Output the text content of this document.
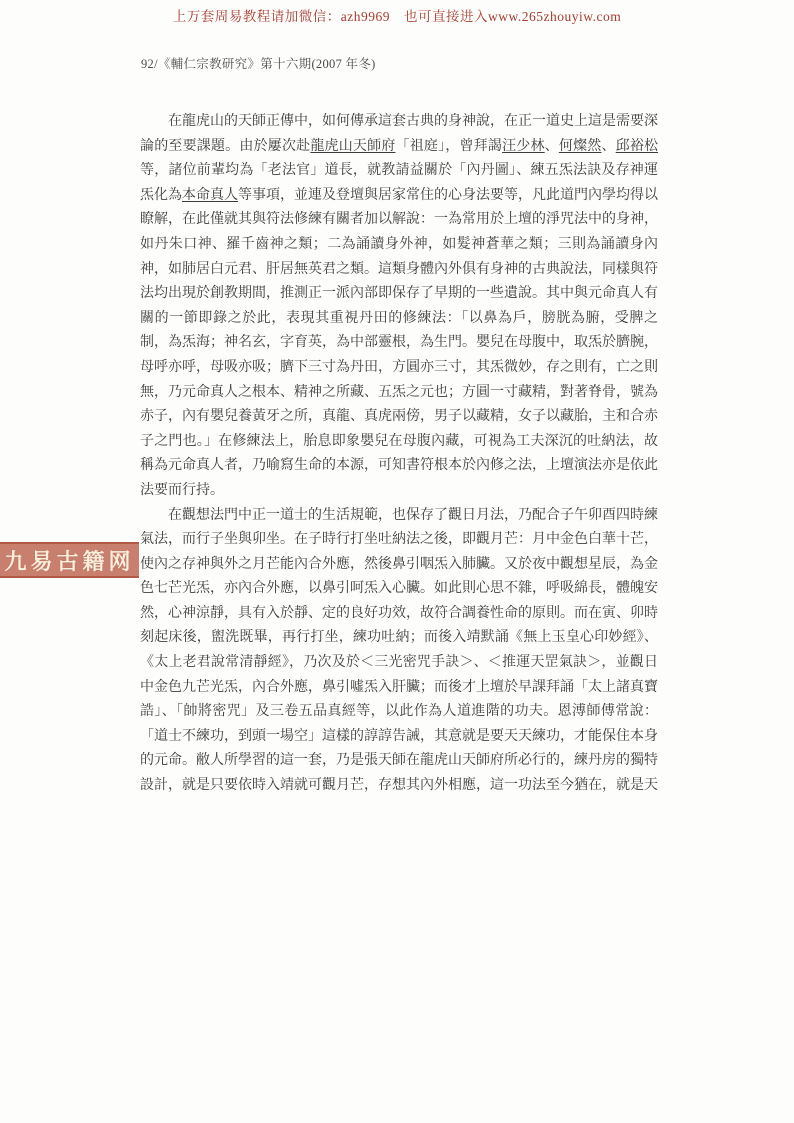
上万套周易教程请加微信：azh9969　也可直接进入www.265zhouyiw.com
92/《輔仁宗教研究》第十六期(2007 年冬)

在龍虎山的天師正傳中，如何傳承這套古典的身神說，在正一道史上這是需要深論的至要課題。由於屢次赴龍虎山天師府「祖庭」，曾拜謁汪少林、何燦然、邱裕松等，諸位前輩均為「老法官」道長，就教請益關於「內丹圖」、練五炁法訣及存神運炁化為本命真人等事項，並連及登壇與居家常住的心身法要等，凡此道門內學均得以瞭解，在此僅就其與符法修練有關者加以解說：一為常用於上壇的淨咒法中的身神，如丹朱口神、羅千齒神之類；二為誦讀身外神，如髮神蒼華之類；三則為誦讀身內神，如肺居白元君、肝居無英君之類。這類身體內外俱有身神的古典說法，同樣與符法均出現於創教期間，推測正一派內部即保存了早期的一些遺說。其中與元命真人有關的一節即錄之於此，表現其重視丹田的修練法：「以鼻為戶，膀胱為腑，受脾之制，為炁海；神名玄，字育英，為中部靈根，為生門。嬰兒在母腹中，取炁於臍腕，母呼亦呼，母吸亦吸；臍下三寸為丹田，方圓亦三寸，其炁微妙，存之則有，亡之則無，乃元命真人之根本、精神之所藏、五炁之元也；方圓一寸藏精，對著脊骨，號為赤子，內有嬰兒養黃牙之所，真龍、真虎兩傍，男子以藏精，女子以藏胎，主和合赤子之門也。」在修練法上，胎息即象嬰兒在母腹內藏，可視為工夫深沉的吐納法，故稱為元命真人者，乃喻寫生命的本源，可知書符根本於內修之法，上壇演法亦是依此法要而行持。

在觀想法門中正一道士的生活規範，也保存了觀日月法，乃配合子午卯酉四時練氣法，而行子坐與卯坐。在子時行打坐吐納法之後，即觀月芒：月中金色白華十芒，使內之存神與外之月芒能內合外應，然後鼻引咽炁入肺臟。又於夜中觀想星辰，為金色七芒光炁，亦內合外應，以鼻引呵炁入心臟。如此則心思不雜，呼吸綿長，體魄安然，心神涼靜，具有入於靜、定的良好功效，故符合調養性命的原則。而在寅、卯時刻起床後，盥洗既畢，再行打坐，練功吐納；而後入靖默誦《無上玉皇心印妙經》、《太上老君說常清靜經》，乃次及於＜三光密咒手訣＞、＜推運天罡氣訣＞，並觀日中金色九芒光炁，內合外應，鼻引噓炁入肝臟；而後才上壇於早課拜誦「太上諸真寶誥」、「帥將密咒」及三卷五品真經等，以此作為人道進階的功夫。恩溥師傅常說：「道士不練功，到頭一場空」這樣的諄諄告誡，其意就是要天天練功，才能保住本身的元命。敝人所學習的這一套，乃是張天師在龍虎山天師府所必行的，練丹房的獨特設計，就是只要依時入靖就可觀月芒，存想其內外相應，這一功法至今猶在，就是天

九易古籍网
